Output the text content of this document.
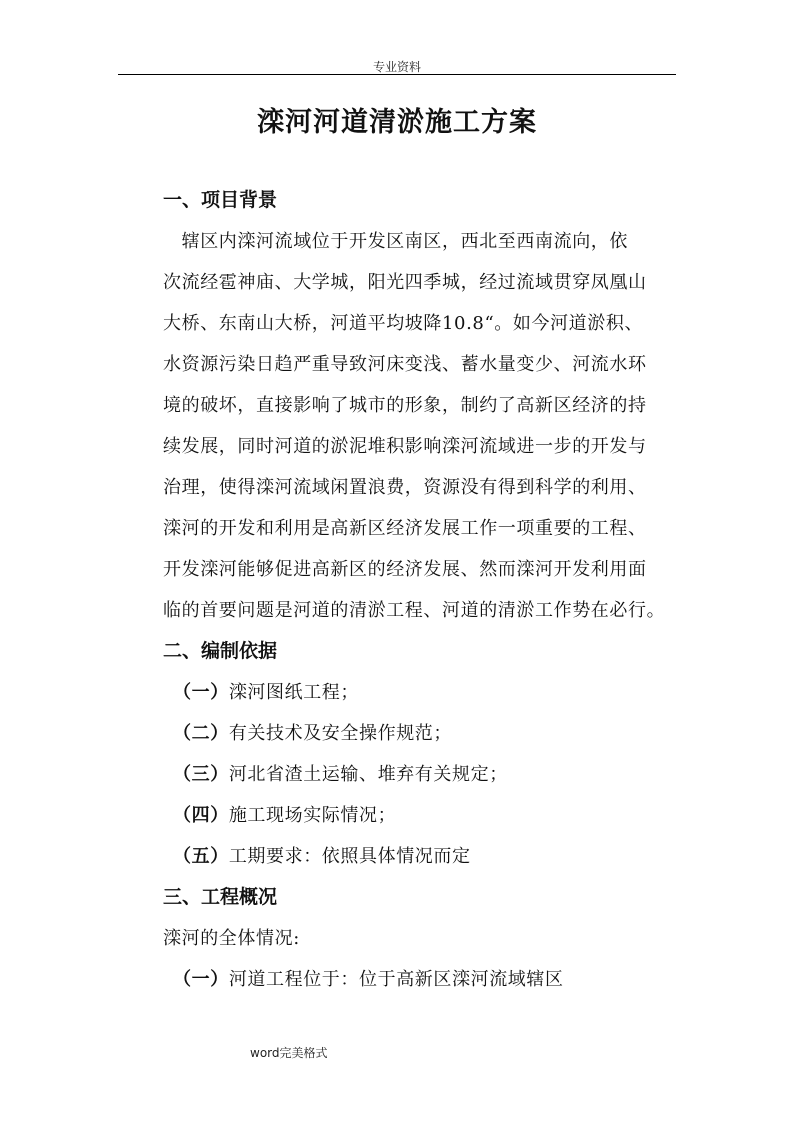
专业资料
滦河河道清淤施工方案
一、项目背景
　辖区内滦河流域位于开发区南区，西北至西南流向，依
次流经雹神庙、大学城，阳光四季城，经过流域贯穿凤凰山
大桥、东南山大桥，河道平均坡降10.8“。如今河道淤积、
水资源污染日趋严重导致河床变浅、蓄水量变少、河流水环
境的破坏，直接影响了城市的形象，制约了高新区经济的持
续发展，同时河道的淤泥堆积影响滦河流域进一步的开发与
治理，使得滦河流域闲置浪费，资源没有得到科学的利用、
滦河的开发和利用是高新区经济发展工作一项重要的工程、
开发滦河能够促进高新区的经济发展、然而滦河开发利用面
临的首要问题是河道的清淤工程、河道的清淤工作势在必行。
二、编制依据
（一）滦河图纸工程；
（二）有关技术及安全操作规范；
（三）河北省渣土运输、堆弃有关规定；
（四）施工现场实际情况；
（五）工期要求：依照具体情况而定
三、工程概况
滦河的全体情况:
（一）河道工程位于：位于高新区滦河流域辖区
word完美格式
